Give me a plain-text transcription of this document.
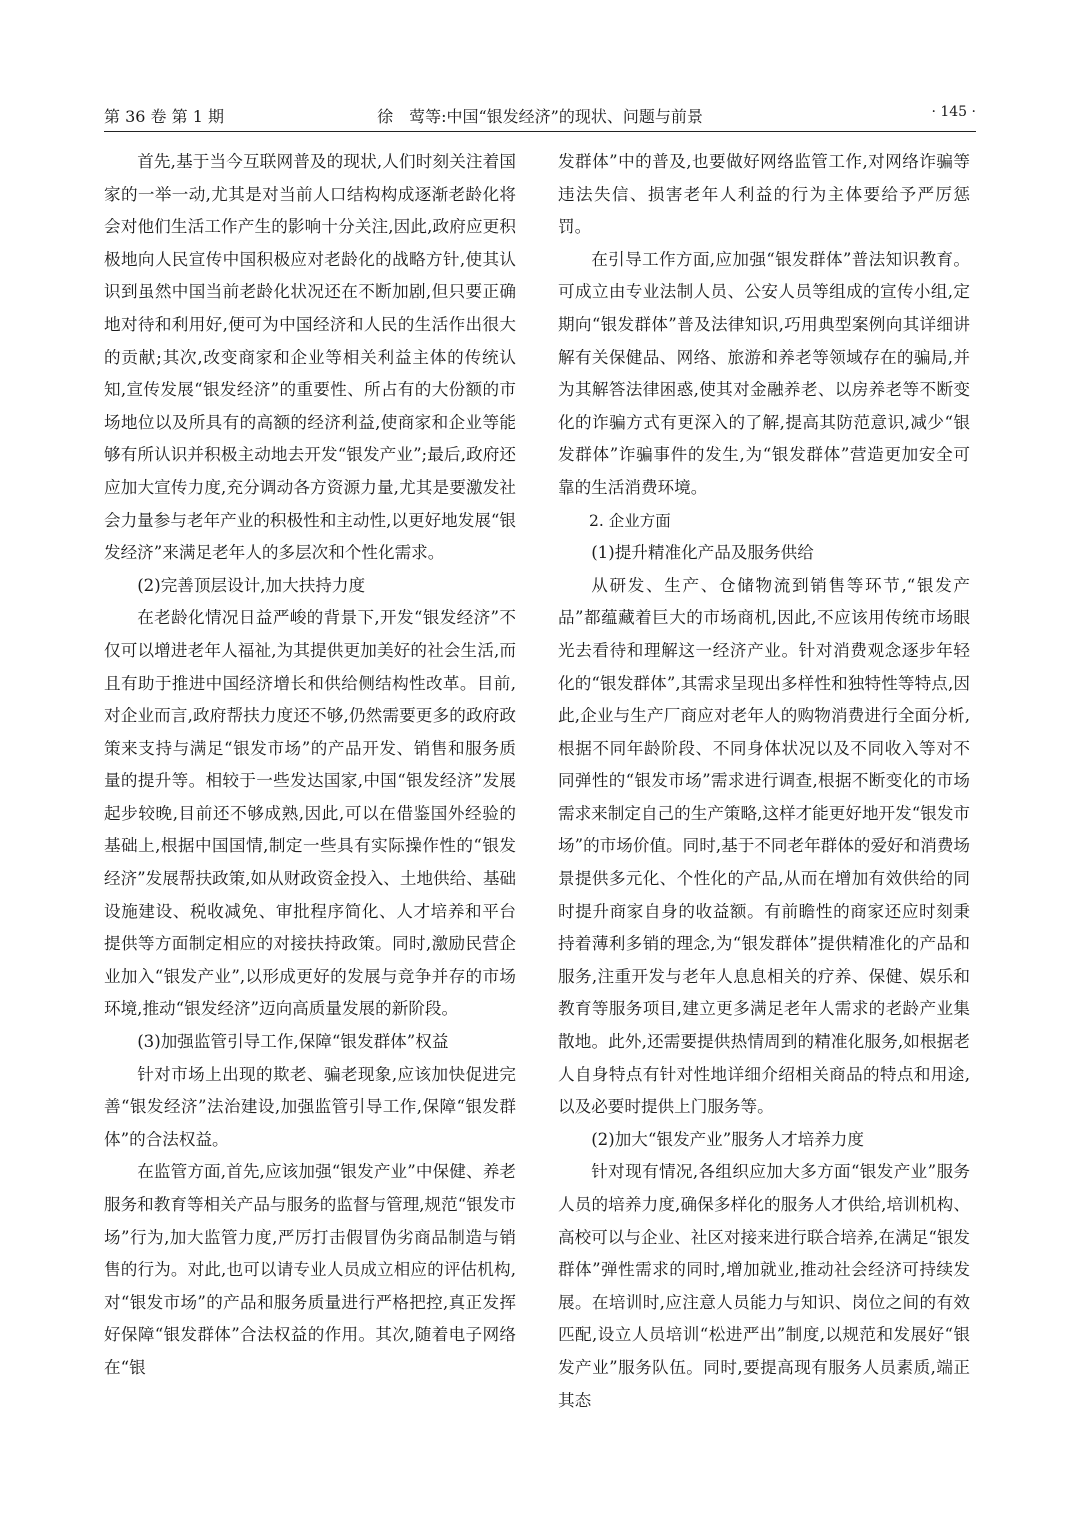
第 36 卷 第 1 期	徐　莺等:中国“银发经济”的现状、问题与前景	· 145 ·

首先,基于当今互联网普及的现状,人们时刻关注着国家的一举一动,尤其是对当前人口结构构成逐渐老龄化将会对他们生活工作产生的影响十分关注,因此,政府应更积极地向人民宣传中国积极应对老龄化的战略方针,使其认识到虽然中国当前老龄化状况还在不断加剧,但只要正确地对待和利用好,便可为中国经济和人民的生活作出很大的贡献;其次,改变商家和企业等相关利益主体的传统认知,宣传发展“银发经济”的重要性、所占有的大份额的市场地位以及所具有的高额的经济利益,使商家和企业等能够有所认识并积极主动地去开发“银发产业”;最后,政府还应加大宣传力度,充分调动各方资源力量,尤其是要激发社会力量参与老年产业的积极性和主动性,以更好地发展“银发经济”来满足老年人的多层次和个性化需求。

(2)完善顶层设计,加大扶持力度

在老龄化情况日益严峻的背景下,开发“银发经济”不仅可以增进老年人福祉,为其提供更加美好的社会生活,而且有助于推进中国经济增长和供给侧结构性改革。目前,对企业而言,政府帮扶力度还不够,仍然需要更多的政府政策来支持与满足“银发市场”的产品开发、销售和服务质量的提升等。相较于一些发达国家,中国“银发经济”发展起步较晚,目前还不够成熟,因此,可以在借鉴国外经验的基础上,根据中国国情,制定一些具有实际操作性的“银发经济”发展帮扶政策,如从财政资金投入、土地供给、基础设施建设、税收减免、审批程序简化、人才培养和平台提供等方面制定相应的对接扶持政策。同时,激励民营企业加入“银发产业”,以形成更好的发展与竞争并存的市场环境,推动“银发经济”迈向高质量发展的新阶段。

(3)加强监管引导工作,保障“银发群体”权益

针对市场上出现的欺老、骗老现象,应该加快促进完善“银发经济”法治建设,加强监管引导工作,保障“银发群体”的合法权益。

在监管方面,首先,应该加强“银发产业”中保健、养老服务和教育等相关产品与服务的监督与管理,规范“银发市场”行为,加大监管力度,严厉打击假冒伪劣商品制造与销售的行为。对此,也可以请专业人员成立相应的评估机构,对“银发市场”的产品和服务质量进行严格把控,真正发挥好保障“银发群体”合法权益的作用。其次,随着电子网络在“银

发群体”中的普及,也要做好网络监管工作,对网络诈骗等违法失信、损害老年人利益的行为主体要给予严厉惩罚。

在引导工作方面,应加强“银发群体”普法知识教育。可成立由专业法制人员、公安人员等组成的宣传小组,定期向“银发群体”普及法律知识,巧用典型案例向其详细讲解有关保健品、网络、旅游和养老等领域存在的骗局,并为其解答法律困惑,使其对金融养老、以房养老等不断变化的诈骗方式有更深入的了解,提高其防范意识,减少“银发群体”诈骗事件的发生,为“银发群体”营造更加安全可靠的生活消费环境。

2. 企业方面
(1)提升精准化产品及服务供给

从研发、生产、仓储物流到销售等环节,“银发产品”都蕴藏着巨大的市场商机,因此,不应该用传统市场眼光去看待和理解这一经济产业。针对消费观念逐步年轻化的“银发群体”,其需求呈现出多样性和独特性等特点,因此,企业与生产厂商应对老年人的购物消费进行全面分析,根据不同年龄阶段、不同身体状况以及不同收入等对不同弹性的“银发市场”需求进行调查,根据不断变化的市场需求来制定自己的生产策略,这样才能更好地开发“银发市场”的市场价值。同时,基于不同老年群体的爱好和消费场景提供多元化、个性化的产品,从而在增加有效供给的同时提升商家自身的收益额。有前瞻性的商家还应时刻秉持着薄利多销的理念,为“银发群体”提供精准化的产品和服务,注重开发与老年人息息相关的疗养、保健、娱乐和教育等服务项目,建立更多满足老年人需求的老龄产业集散地。此外,还需要提供热情周到的精准化服务,如根据老人自身特点有针对性地详细介绍相关商品的特点和用途,以及必要时提供上门服务等。

(2)加大“银发产业”服务人才培养力度

针对现有情况,各组织应加大多方面“银发产业”服务人员的培养力度,确保多样化的服务人才供给,培训机构、高校可以与企业、社区对接来进行联合培养,在满足“银发群体”弹性需求的同时,增加就业,推动社会经济可持续发展。在培训时,应注意人员能力与知识、岗位之间的有效匹配,设立人员培训“松进严出”制度,以规范和发展好“银发产业”服务队伍。同时,要提高现有服务人员素质,端正其态
